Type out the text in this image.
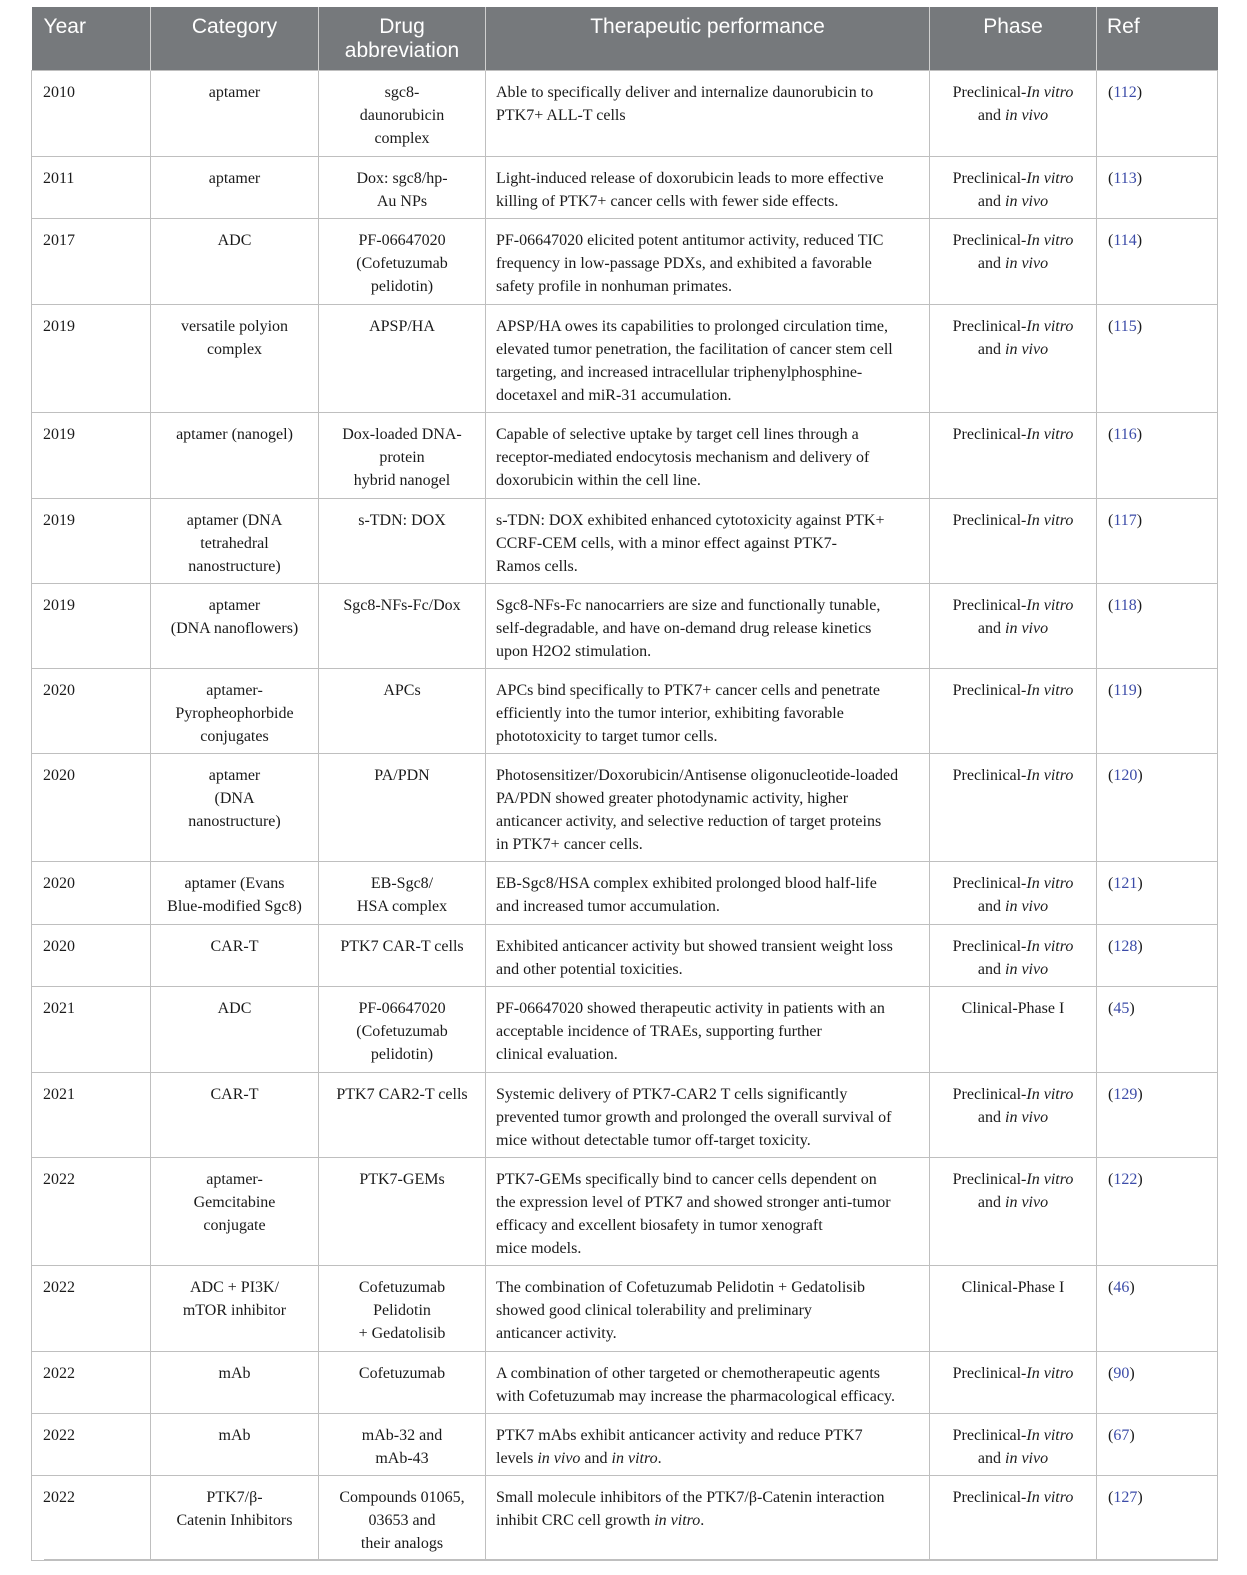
Year	Category	Drug
abbreviation	Therapeutic performance	Phase	Ref
2010	aptamer	sgc8-
daunorubicin
complex	Able to specifically deliver and internalize daunorubicin to
PTK7+ ALL-T cells	Preclinical-In vitro
and in vivo	(112)
2011	aptamer	Dox: sgc8/hp-
Au NPs	Light-induced release of doxorubicin leads to more effective
killing of PTK7+ cancer cells with fewer side effects.	Preclinical-In vitro
and in vivo	(113)
2017	ADC	PF-06647020
(Cofetuzumab
pelidotin)	PF-06647020 elicited potent antitumor activity, reduced TIC
frequency in low-passage PDXs, and exhibited a favorable
safety profile in nonhuman primates.	Preclinical-In vitro
and in vivo	(114)
2019	versatile polyion
complex	APSP/HA	APSP/HA owes its capabilities to prolonged circulation time,
elevated tumor penetration, the facilitation of cancer stem cell
targeting, and increased intracellular triphenylphosphine-
docetaxel and miR-31 accumulation.	Preclinical-In vitro
and in vivo	(115)
2019	aptamer (nanogel)	Dox-loaded DNA-
protein
hybrid nanogel	Capable of selective uptake by target cell lines through a
receptor-mediated endocytosis mechanism and delivery of
doxorubicin within the cell line.	Preclinical-In vitro	(116)
2019	aptamer (DNA
tetrahedral
nanostructure)	s-TDN: DOX	s-TDN: DOX exhibited enhanced cytotoxicity against PTK+
CCRF-CEM cells, with a minor effect against PTK7-
Ramos cells.	Preclinical-In vitro	(117)
2019	aptamer
(DNA nanoflowers)	Sgc8-NFs-Fc/Dox	Sgc8-NFs-Fc nanocarriers are size and functionally tunable,
self-degradable, and have on-demand drug release kinetics
upon H2O2 stimulation.	Preclinical-In vitro
and in vivo	(118)
2020	aptamer-
Pyropheophorbide
conjugates	APCs	APCs bind specifically to PTK7+ cancer cells and penetrate
efficiently into the tumor interior, exhibiting favorable
phototoxicity to target tumor cells.	Preclinical-In vitro	(119)
2020	aptamer
(DNA
nanostructure)	PA/PDN	Photosensitizer/Doxorubicin/Antisense oligonucleotide-loaded
PA/PDN showed greater photodynamic activity, higher
anticancer activity, and selective reduction of target proteins
in PTK7+ cancer cells.	Preclinical-In vitro	(120)
2020	aptamer (Evans
Blue-modified Sgc8)	EB-Sgc8/
HSA complex	EB-Sgc8/HSA complex exhibited prolonged blood half-life
and increased tumor accumulation.	Preclinical-In vitro
and in vivo	(121)
2020	CAR-T	PTK7 CAR-T cells	Exhibited anticancer activity but showed transient weight loss
and other potential toxicities.	Preclinical-In vitro
and in vivo	(128)
2021	ADC	PF-06647020
(Cofetuzumab
pelidotin)	PF-06647020 showed therapeutic activity in patients with an
acceptable incidence of TRAEs, supporting further
clinical evaluation.	Clinical-Phase I	(45)
2021	CAR-T	PTK7 CAR2-T cells	Systemic delivery of PTK7-CAR2 T cells significantly
prevented tumor growth and prolonged the overall survival of
mice without detectable tumor off-target toxicity.	Preclinical-In vitro
and in vivo	(129)
2022	aptamer-
Gemcitabine
conjugate	PTK7-GEMs	PTK7-GEMs specifically bind to cancer cells dependent on
the expression level of PTK7 and showed stronger anti-tumor
efficacy and excellent biosafety in tumor xenograft
mice models.	Preclinical-In vitro
and in vivo	(122)
2022	ADC + PI3K/
mTOR inhibitor	Cofetuzumab
Pelidotin
+ Gedatolisib	The combination of Cofetuzumab Pelidotin + Gedatolisib
showed good clinical tolerability and preliminary
anticancer activity.	Clinical-Phase I	(46)
2022	mAb	Cofetuzumab	A combination of other targeted or chemotherapeutic agents
with Cofetuzumab may increase the pharmacological efficacy.	Preclinical-In vitro	(90)
2022	mAb	mAb-32 and
mAb-43	PTK7 mAbs exhibit anticancer activity and reduce PTK7
levels in vivo and in vitro.	Preclinical-In vitro
and in vivo	(67)
2022	PTK7/β-
Catenin Inhibitors	Compounds 01065,
03653 and
their analogs	Small molecule inhibitors of the PTK7/β-Catenin interaction
inhibit CRC cell growth in vitro.	Preclinical-In vitro	(127)
